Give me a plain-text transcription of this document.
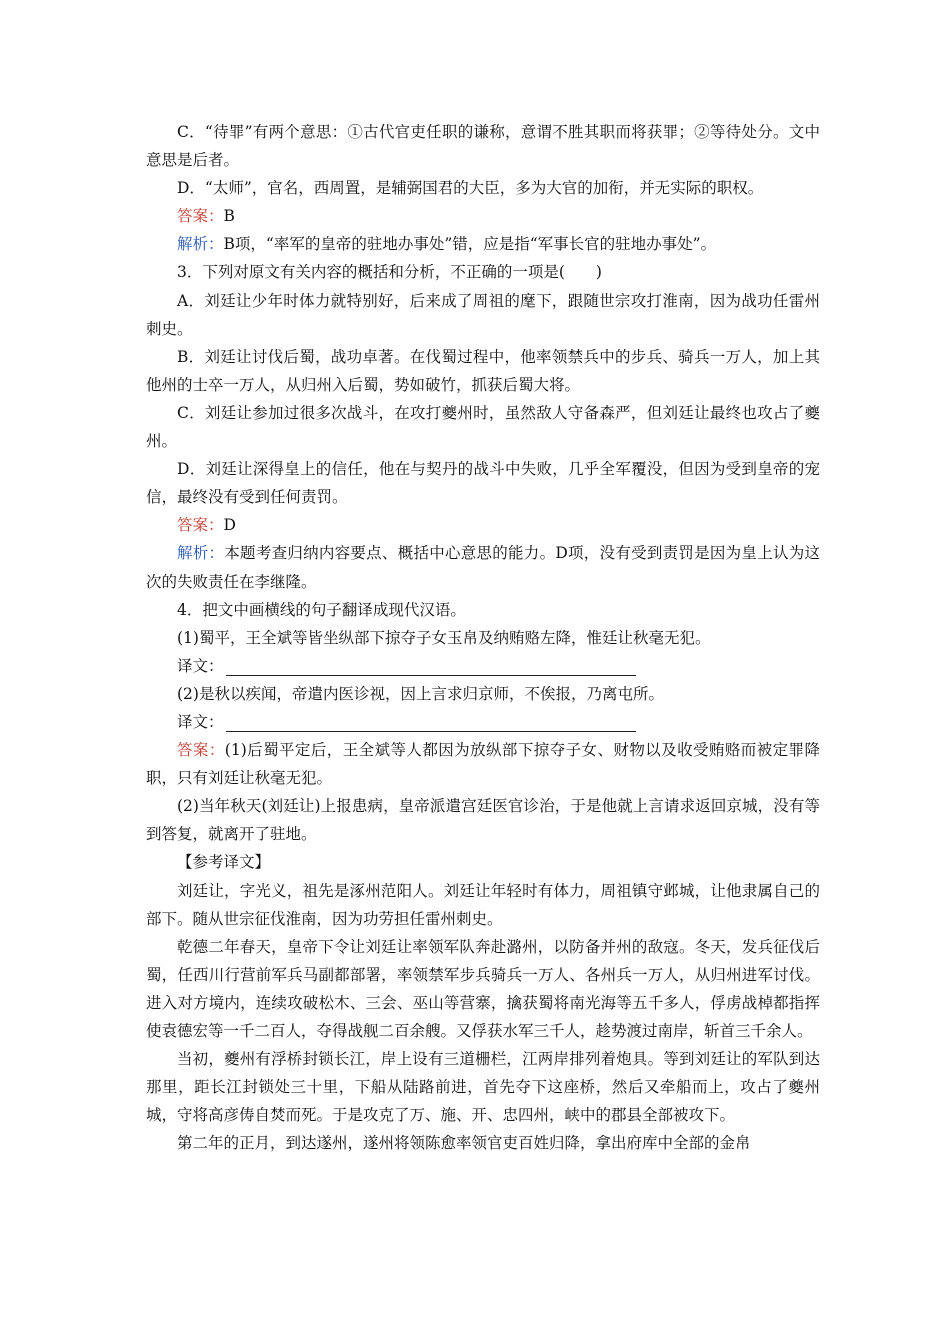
C．“待罪”有两个意思：①古代官吏任职的谦称，意谓不胜其职而将获罪；②等待处分。文中意思是后者。

D．“太师”，官名，西周置，是辅弼国君的大臣，多为大官的加衔，并无实际的职权。

答案：B

解析：B项，“率军的皇帝的驻地办事处”错，应是指“军事长官的驻地办事处”。

3．下列对原文有关内容的概括和分析，不正确的一项是(　　)

A．刘廷让少年时体力就特别好，后来成了周祖的麾下，跟随世宗攻打淮南，因为战功任雷州刺史。

B．刘廷让讨伐后蜀，战功卓著。在伐蜀过程中，他率领禁兵中的步兵、骑兵一万人，加上其他州的士卒一万人，从归州入后蜀，势如破竹，抓获后蜀大将。

C．刘廷让参加过很多次战斗，在攻打夔州时，虽然敌人守备森严，但刘廷让最终也攻占了夔州。

D．刘廷让深得皇上的信任，他在与契丹的战斗中失败，几乎全军覆没，但因为受到皇帝的宠信，最终没有受到任何责罚。

答案：D

解析：本题考查归纳内容要点、概括中心意思的能力。D项，没有受到责罚是因为皇上认为这次的失败责任在李继隆。

4．把文中画横线的句子翻译成现代汉语。

(1)蜀平，王全斌等皆坐纵部下掠夺子女玉帛及纳贿赂左降，惟廷让秋毫无犯。

译文：

(2)是秋以疾闻，帝遣内医诊视，因上言求归京师，不俟报，乃离屯所。

译文：

答案：(1)后蜀平定后，王全斌等人都因为放纵部下掠夺子女、财物以及收受贿赂而被定罪降职，只有刘廷让秋毫无犯。

(2)当年秋天(刘廷让)上报患病，皇帝派遣宫廷医官诊治，于是他就上言请求返回京城，没有等到答复，就离开了驻地。

【参考译文】

刘廷让，字光义，祖先是涿州范阳人。刘廷让年轻时有体力，周祖镇守邺城，让他隶属自己的部下。随从世宗征伐淮南，因为功劳担任雷州刺史。

乾德二年春天，皇帝下令让刘廷让率领军队奔赴潞州，以防备并州的敌寇。冬天，发兵征伐后蜀，任西川行营前军兵马副都部署，率领禁军步兵骑兵一万人、各州兵一万人，从归州进军讨伐。进入对方境内，连续攻破松木、三会、巫山等营寨，擒获蜀将南光海等五千多人，俘虏战棹都指挥使袁德宏等一千二百人，夺得战舰二百余艘。又俘获水军三千人，趁势渡过南岸，斩首三千余人。

当初，夔州有浮桥封锁长江，岸上设有三道栅栏，江两岸排列着炮具。等到刘廷让的军队到达那里，距长江封锁处三十里，下船从陆路前进，首先夺下这座桥，然后又牵船而上，攻占了夔州城，守将高彦俦自焚而死。于是攻克了万、施、开、忠四州，峡中的郡县全部被攻下。

第二年的正月，到达遂州，遂州将领陈愈率领官吏百姓归降，拿出府库中全部的金帛
